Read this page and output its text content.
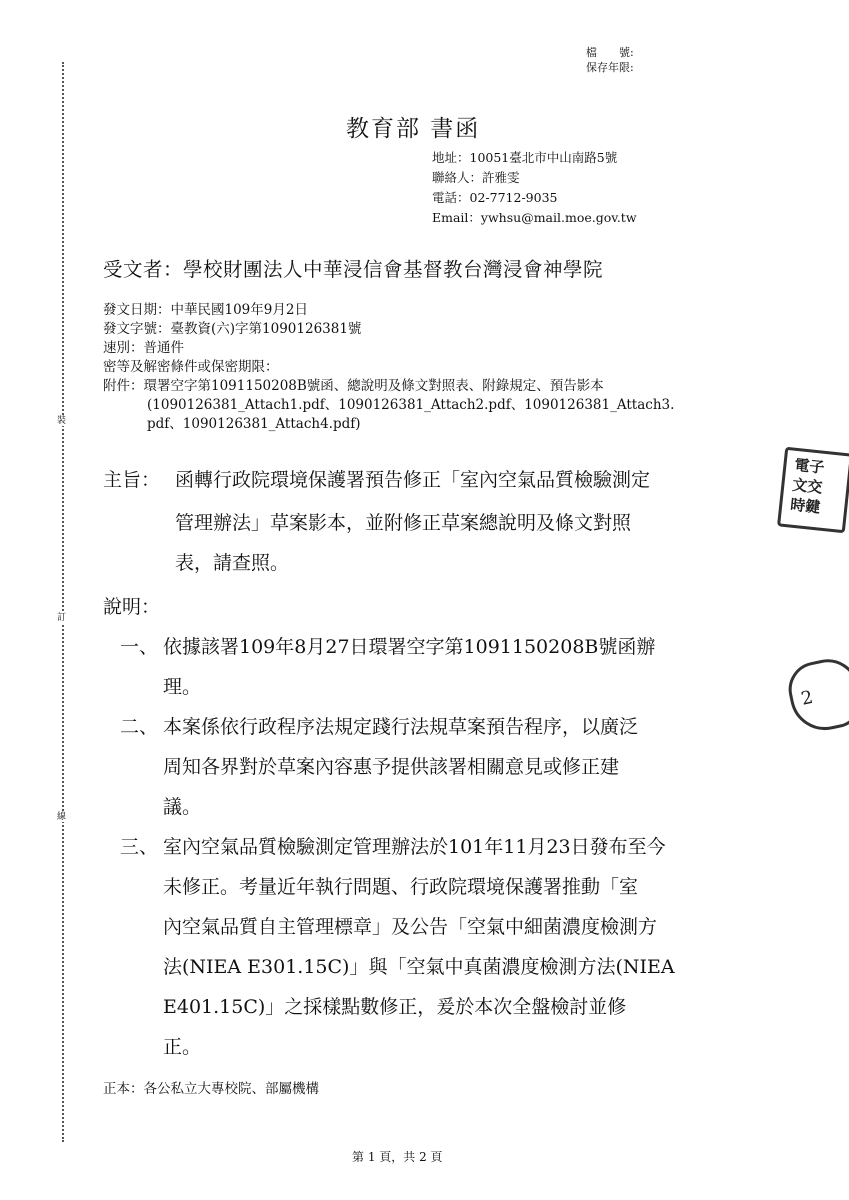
裝
訂
線
檔　　號:
保存年限:
教育部 書函
地址：10051臺北市中山南路5號
聯絡人：許雅雯
電話：02-7712-9035
Email：ywhsu@mail.moe.gov.tw
受文者：學校財團法人中華浸信會基督教台灣浸會神學院
發文日期：中華民國109年9月2日
發文字號：臺教資(六)字第1090126381號
速別：普通件
密等及解密條件或保密期限：
附件：環署空字第1091150208B號函、總說明及條文對照表、附錄規定、預告影本
(1090126381_Attach1.pdf、1090126381_Attach2.pdf、1090126381_Attach3.
pdf、1090126381_Attach4.pdf)
主旨： 函轉行政院環境保護署預告修正「室內空氣品質檢驗測定
管理辦法」草案影本，並附修正草案總說明及條文對照
表，請查照。
說明：
一、 依據該署109年8月27日環署空字第1091150208B號函辦
理。
二、 本案係依行政程序法規定踐行法規草案預告程序，以廣泛
周知各界對於草案內容惠予提供該署相關意見或修正建
議。
三、 室內空氣品質檢驗測定管理辦法於101年11月23日發布至今
未修正。考量近年執行問題、行政院環境保護署推動「室
內空氣品質自主管理標章」及公告「空氣中細菌濃度檢測方
法(NIEA E301.15C)」與「空氣中真菌濃度檢測方法(NIEA
E401.15C)」之採樣點數修正，爰於本次全盤檢討並修
正。
正本：各公私立大專校院、部屬機構
第 1 頁，共 2 頁
電子
文交
時鍵
2
